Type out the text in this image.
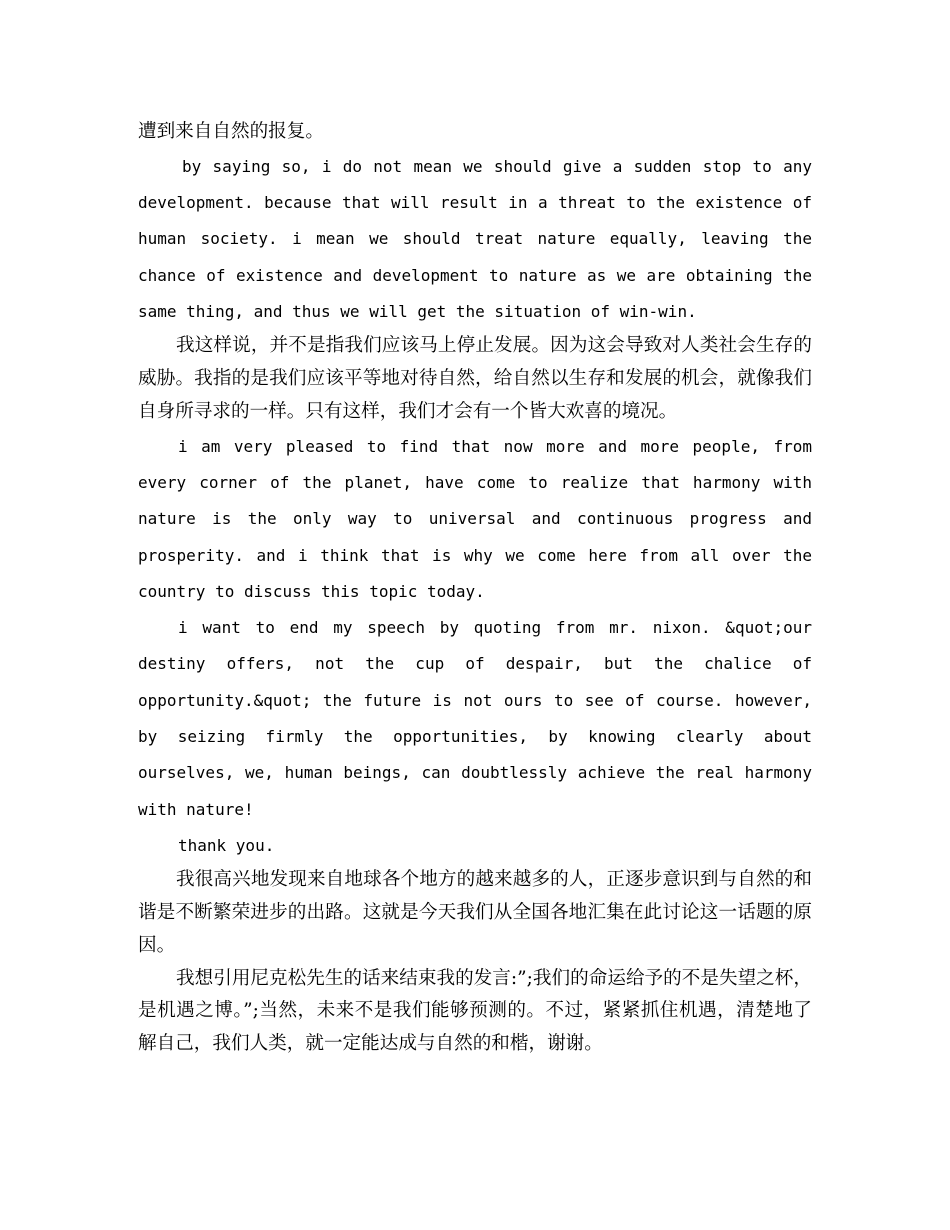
遭到来自自然的报复。

by saying so, i do not mean we should give a sudden stop to any development. because that will result in a threat to the existence of human society. i mean we should treat nature equally, leaving the chance of existence and development to nature as we are obtaining the same thing, and thus we will get the situation of win-win.

我这样说，并不是指我们应该马上停止发展。因为这会导致对人类社会生存的威胁。我指的是我们应该平等地对待自然，给自然以生存和发展的机会，就像我们自身所寻求的一样。只有这样，我们才会有一个皆大欢喜的境况。

i am very pleased to find that now more and more people, from every corner of the planet, have come to realize that harmony with nature is the only way to universal and continuous progress and prosperity. and i think that is why we come here from all over the country to discuss this topic today.

i want to end my speech by quoting from mr. nixon. &quot;our destiny offers, not the cup of despair, but the chalice of opportunity.&quot; the future is not ours to see of course. however, by seizing firmly the opportunities, by knowing clearly about ourselves, we, human beings, can doubtlessly achieve the real harmony with nature!

thank you.

我很高兴地发现来自地球各个地方的越来越多的人，正逐步意识到与自然的和谐是不断繁荣进步的出路。这就是今天我们从全国各地汇集在此讨论这一话题的原因。

我想引用尼克松先生的话来结束我的发言:”;我们的命运给予的不是失望之杯，是机遇之博。”;当然，未来不是我们能够预测的。不过，紧紧抓住机遇，清楚地了解自己，我们人类，就一定能达成与自然的和楷，谢谢。
